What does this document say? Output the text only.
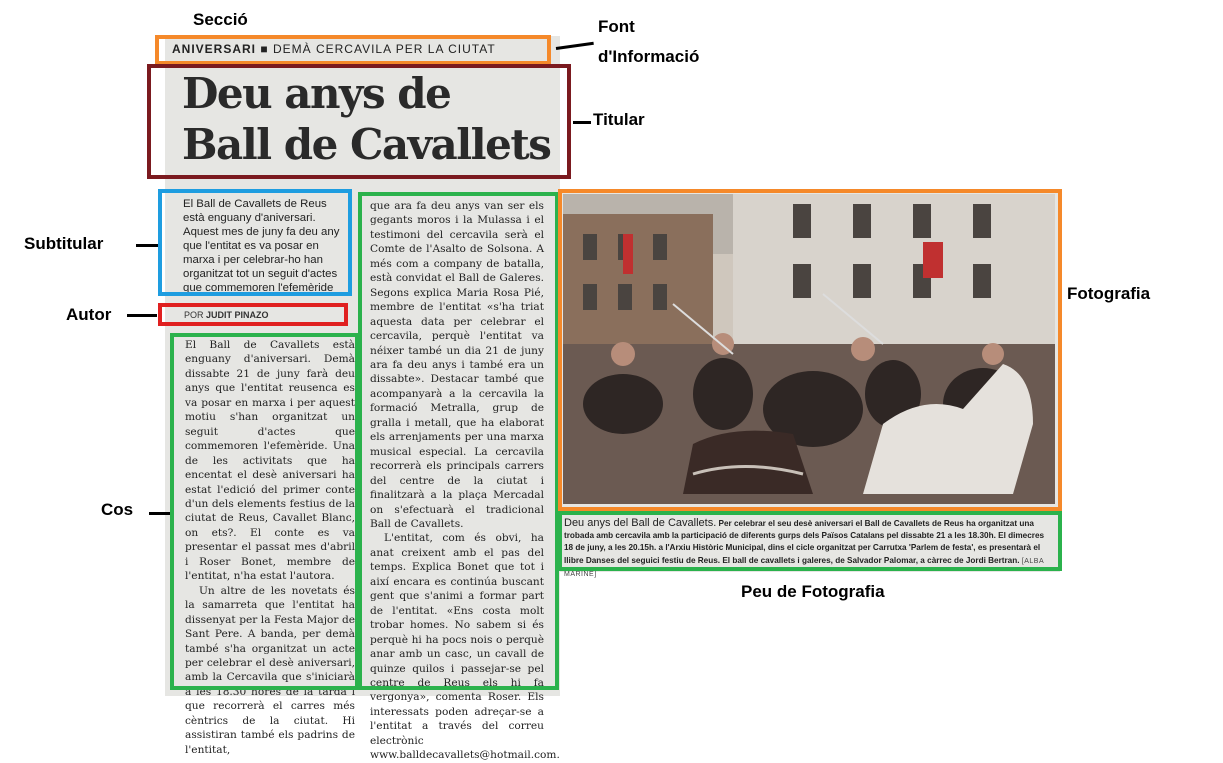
ANIVERSARI ■ DEMÀ CERCAVILA PER LA CIUTAT
Deu anys de Ball de Cavallets
El Ball de Cavallets de Reus està enguany d'aniversari. Aquest mes de juny fa deu any que l'entitat es va posar en marxa i per celebrar-ho han organitzat tot un seguit d'actes que commemoren l'efemèride
POR JUDIT PINAZO

El Ball de Cavallets està enguany d'aniversari. Demà dissabte 21 de juny farà deu anys que l'entitat reusenca es va posar en marxa i per aquest motiu s'han organitzat un seguit d'actes que commemoren l'efemèride. Una de les activitats que ha encentat el desè aniversari ha estat l'edició del primer conte d'un dels elements festius de la ciutat de Reus, Cavallet Blanc, on ets?. El conte es va presentar el passat mes d'abril i Roser Bonet, membre de l'entitat, n'ha estat l'autora.

Un altre de les novetats és la samarreta que l'entitat ha dissenyat per la Festa Major de Sant Pere. A banda, per demà també s'ha organitzat un acte per celebrar el desè aniversari, amb la Cercavila que s'iniciarà a les 18.30 hores de la tarda i que recorrerà el carres més cèntrics de la ciutat. Hi assistiran també els padrins de l'entitat,

que ara fa deu anys van ser els gegants moros i la Mulassa i el testimoni del cercavila serà el Comte de l'Asalto de Solsona. A més com a company de batalla, està convidat el Ball de Galeres. Segons explica Maria Rosa Pié, membre de l'entitat «s'ha triat aquesta data per celebrar el cercavila, perquè l'entitat va néixer també un dia 21 de juny ara fa deu anys i també era un dissabte». Destacar també que acompanyarà a la cercavila la formació Metralla, grup de gralla i metall, que ha elaborat els arrenjaments per una marxa musical especial. La cercavila recorrerà els principals carrers del centre de la ciutat i finalitzarà a la plaça Mercadal on s'efectuarà el tradicional Ball de Cavallets.

L'entitat, com és obvi, ha anat creixent amb el pas del temps. Explica Bonet que tot i així encara es continúa buscant gent que s'animi a formar part de l'entitat. «Ens costa molt trobar homes. No sabem si és perquè hi ha pocs nois o perquè anar amb un casc, un cavall de quinze quilos i passejar-se pel centre de Reus els hi fa vergonya», comenta Roser. Els interessats poden adreçar-se a l'entitat a través del correu electrònic www.balldecavallets@hotmail.com.

Deu anys del Ball de Cavallets. Per celebrar el seu desè aniversari el Ball de Cavallets de Reus ha organitzat una trobada amb cercavila amb la participació de diferents gurps dels Països Catalans pel dissabte 21 a les 18.30h. El dimecres 18 de juny, a les 20.15h. a l'Arxiu Històric Municipal, dins el cicle organitzat per Carrutxa 'Parlem de festa', es presentarà el llibre Danses del seguici festiu de Reus. El ball de cavallets i galeres, de Salvador Palomar, a càrrec de Jordi Bertran. [ALBA MARINÉ]
Secció	Font
d'Informació
Titular
Subtitular
Autor
Cos
Fotografia
Peu de Fotografia
